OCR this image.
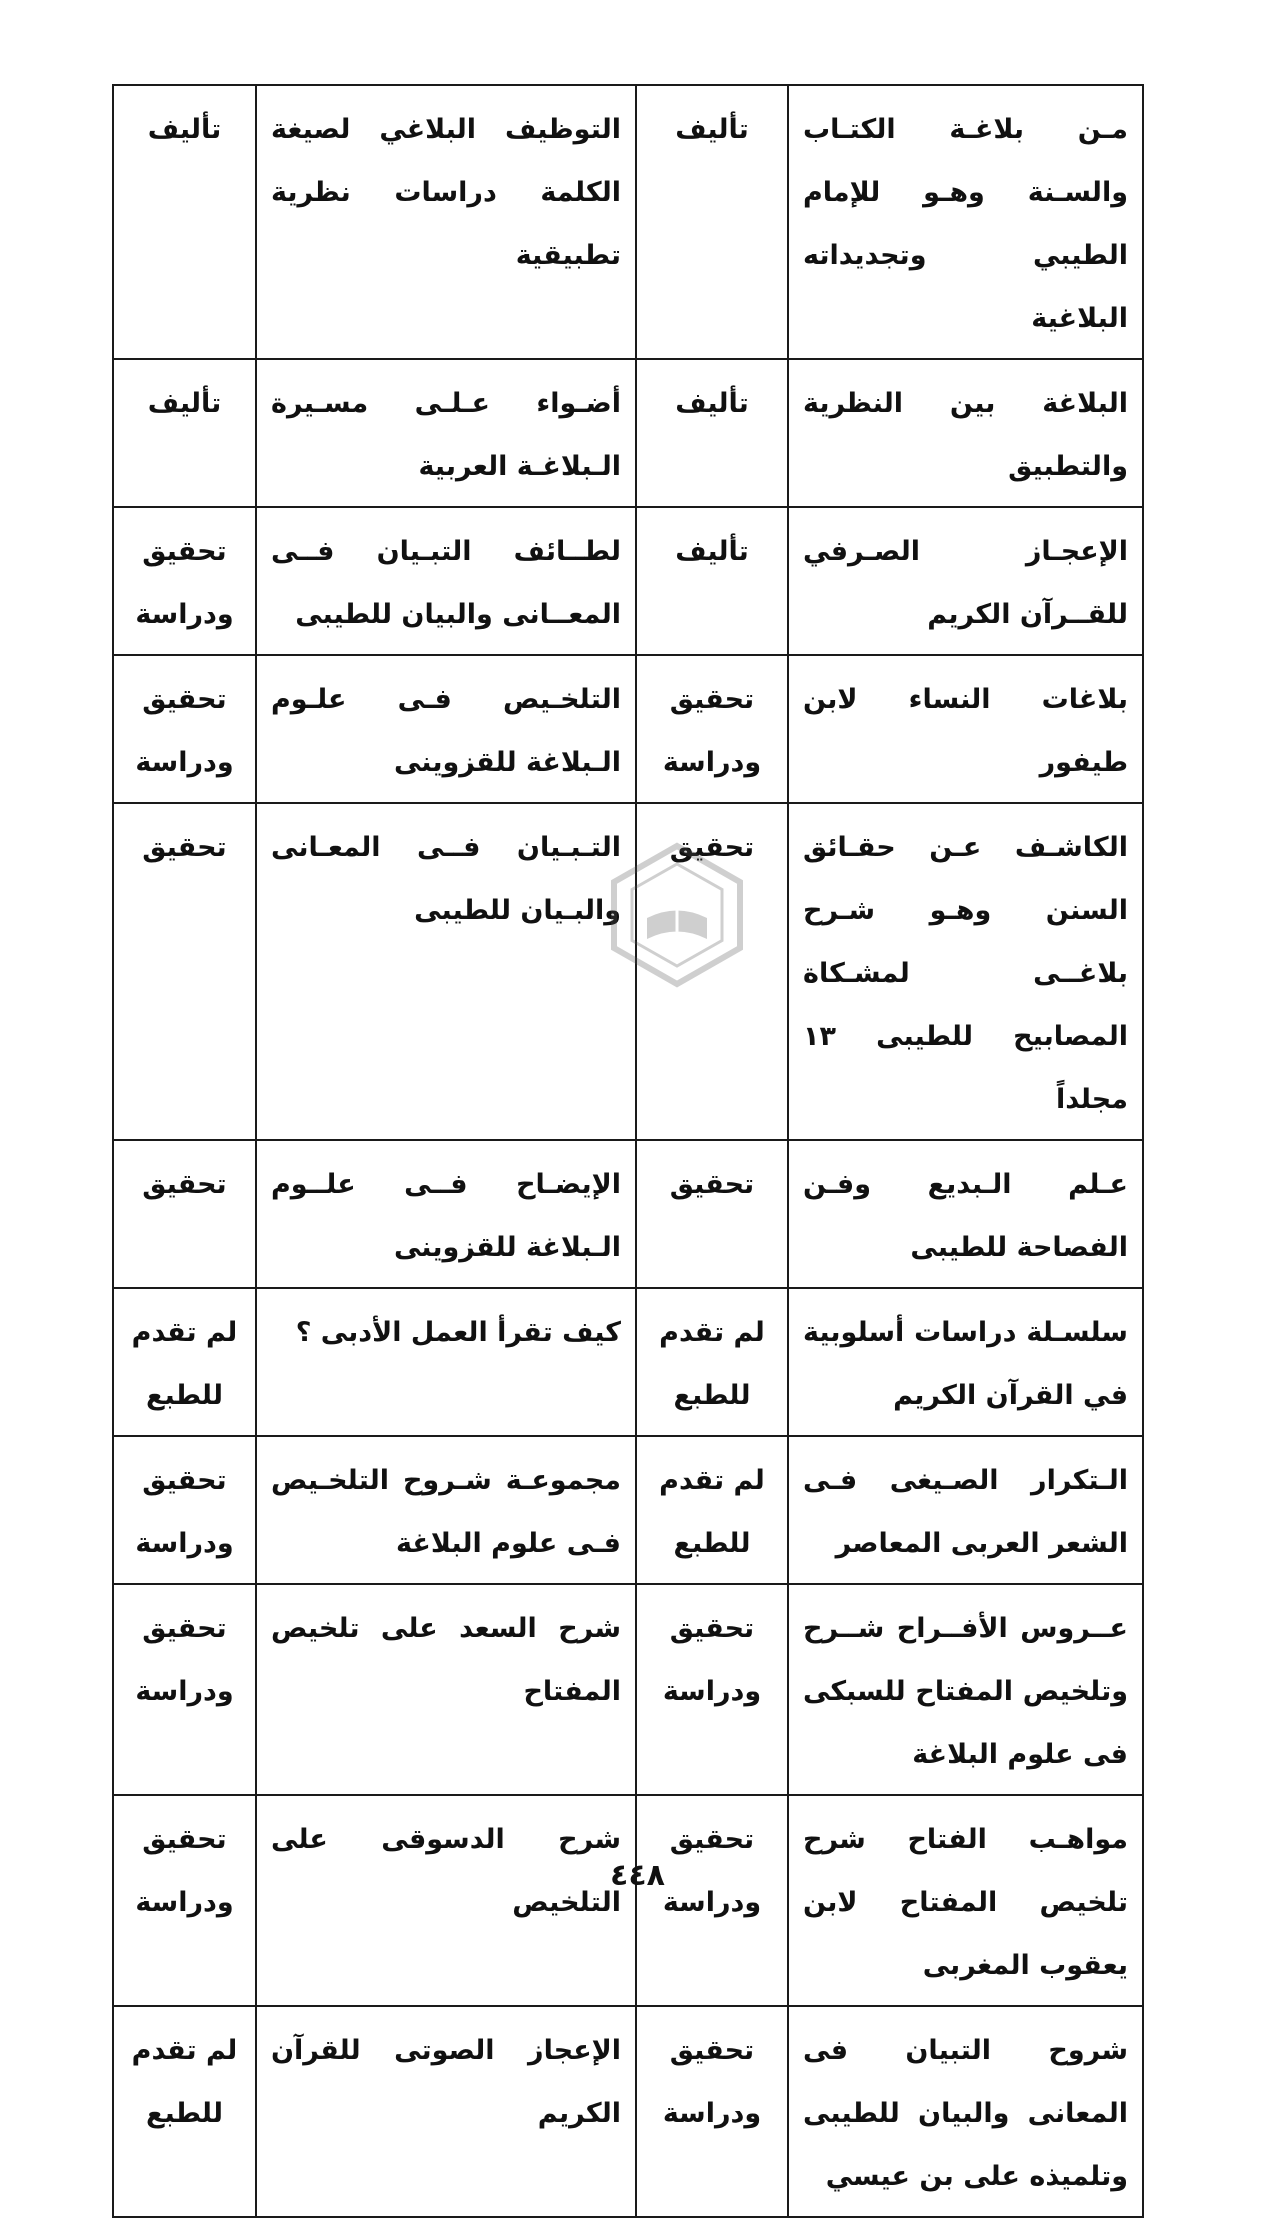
مـن بلاغـة الكتـاب والسـنة وهـو للإمام الطيبي وتجديداته البلاغية	تأليف	التوظيف البلاغي لصيغة الكلمة دراسات نظرية تطبيقية	تأليف
البلاغة بين النظرية والتطبيق	تأليف	أضـواء عـلـى مسـيرة الـبلاغـة العربية	تأليف
الإعجـاز الصـرفي للقــرآن الكريم	تأليف	لطــائف التبـيان فــى المعــانى والبيان للطيبى	تحقيق ودراسة
بلاغات النساء لابن طيفور	تحقيق ودراسة	التلخـيص فـى علـوم الـبلاغة للقزوينى	تحقيق ودراسة
الكاشـف عـن حقـائق السنن وهـو شـرح بلاغــى لمشـكاة المصابيح للطيبى ١٣ مجلداً	تحقيق	التـبـيان فــى المعـانى والبـيان للطيبى	تحقيق
عـلم الـبديع وفـن الفصاحة للطيبى	تحقيق	الإيضـاح فــى علــوم الـبلاغة للقزوينى	تحقيق
سلسـلة دراسات أسلوبية في القرآن الكريم	لم تقدم للطبع	كيف تقرأ العمل الأدبى ؟	لم تقدم للطبع
الـتكرار الصـيغى فـى الشعر العربى المعاصر	لم تقدم للطبع	مجموعـة شـروح التلخـيص فـى علوم البلاغة	تحقيق ودراسة
عــروس الأفــراح شــرح وتلخيص المفتاح للسبكى فى علوم البلاغة	تحقيق ودراسة	شرح السعد على تلخيص المفتاح	تحقيق ودراسة
مواهـب الفتاح شرح تلخيص المفتاح لابن يعقوب المغربى	تحقيق ودراسة	شرح الدسوقى على التلخيص	تحقيق ودراسة
شروح التبيان فى المعانى والبيان للطيبى وتلميذه على بن عيسي	تحقيق ودراسة	الإعجاز الصوتى للقرآن الكريم	لم تقدم للطبع
٤٤٨
